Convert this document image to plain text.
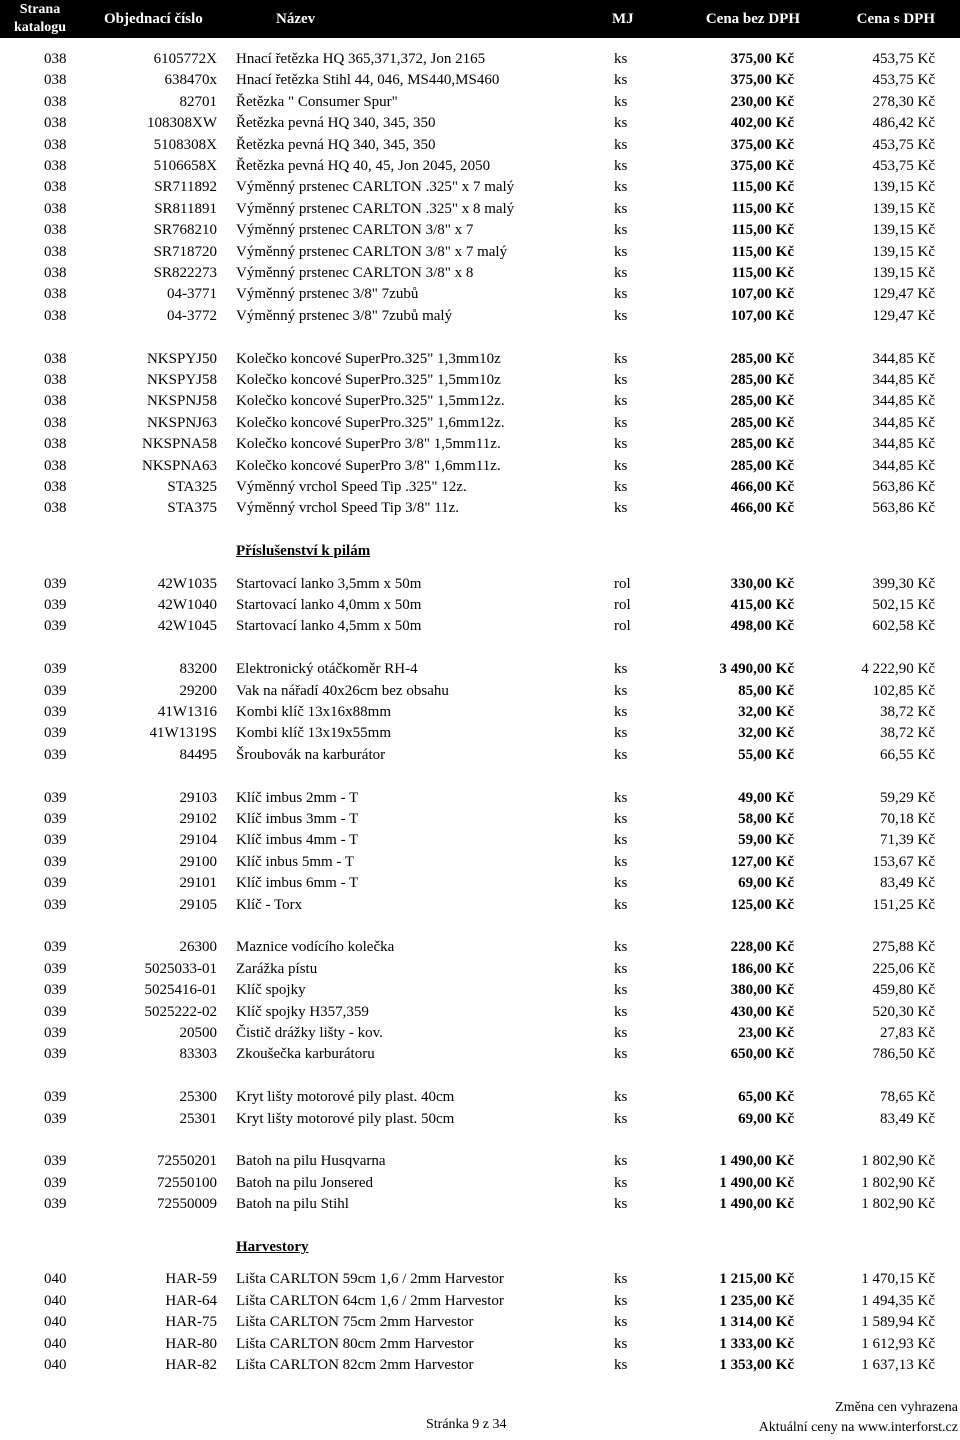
Strana
katalogu
Objednací číslo	Název	MJ	Cena bez DPH	Cena s DPH
038	6105772X Hnací řetězka HQ 365,371,372, Jon 2165	ks	375,00 Kč	453,75 Kč
038	638470x Hnací řetězka Stihl 44, 046, MS440,MS460	ks	375,00 Kč	453,75 Kč
038	82701 Řetězka " Consumer Spur"	ks	230,00 Kč	278,30 Kč
038	108308XW Řetězka pevná HQ 340, 345, 350	ks	402,00 Kč	486,42 Kč
038	5108308X Řetězka pevná HQ 340, 345, 350	ks	375,00 Kč	453,75 Kč
038	5106658X Řetězka pevná HQ 40, 45, Jon 2045, 2050	ks	375,00 Kč	453,75 Kč
038	SR711892 Výměnný prstenec CARLTON .325" x 7 malý	ks	115,00 Kč	139,15 Kč
038	SR811891 Výměnný prstenec CARLTON .325" x 8 malý	ks	115,00 Kč	139,15 Kč
038	SR768210 Výměnný prstenec CARLTON 3/8" x 7	ks	115,00 Kč	139,15 Kč
038	SR718720 Výměnný prstenec CARLTON 3/8" x 7 malý	ks	115,00 Kč	139,15 Kč
038	SR822273 Výměnný prstenec CARLTON 3/8" x 8	ks	115,00 Kč	139,15 Kč
038	04-3771 Výměnný prstenec 3/8" 7zubů	ks	107,00 Kč	129,47 Kč
038	04-3772 Výměnný prstenec 3/8" 7zubů malý	ks	107,00 Kč	129,47 Kč
038	NKSPYJ50 Kolečko koncové SuperPro.325" 1,3mm10z	ks	285,00 Kč	344,85 Kč
038	NKSPYJ58 Kolečko koncové SuperPro.325" 1,5mm10z	ks	285,00 Kč	344,85 Kč
038	NKSPNJ58 Kolečko koncové SuperPro.325" 1,5mm12z.	ks	285,00 Kč	344,85 Kč
038	NKSPNJ63 Kolečko koncové SuperPro.325" 1,6mm12z.	ks	285,00 Kč	344,85 Kč
038	NKSPNA58 Kolečko koncové SuperPro 3/8" 1,5mm11z.	ks	285,00 Kč	344,85 Kč
038	NKSPNA63 Kolečko koncové SuperPro 3/8" 1,6mm11z.	ks	285,00 Kč	344,85 Kč
038	STA325 Výměnný vrchol Speed Tip .325" 12z.	ks	466,00 Kč	563,86 Kč
038	STA375 Výměnný vrchol Speed Tip 3/8" 11z.	ks	466,00 Kč	563,86 Kč
Příslušenství k pilám
039	42W1035 Startovací lanko 3,5mm x 50m	rol	330,00 Kč	399,30 Kč
039	42W1040 Startovací lanko 4,0mm x 50m	rol	415,00 Kč	502,15 Kč
039	42W1045 Startovací lanko 4,5mm x 50m	rol	498,00 Kč	602,58 Kč
039	83200 Elektronický otáčkoměr RH-4	ks	3 490,00 Kč	4 222,90 Kč
039	29200 Vak na nářadí 40x26cm bez obsahu	ks	85,00 Kč	102,85 Kč
039	41W1316 Kombi klíč 13x16x88mm	ks	32,00 Kč	38,72 Kč
039	41W1319S Kombi klíč 13x19x55mm	ks	32,00 Kč	38,72 Kč
039	84495 Šroubovák na karburátor	ks	55,00 Kč	66,55 Kč
039	29103 Klíč imbus 2mm - T	ks	49,00 Kč	59,29 Kč
039	29102 Klíč imbus 3mm - T	ks	58,00 Kč	70,18 Kč
039	29104 Klíč imbus 4mm - T	ks	59,00 Kč	71,39 Kč
039	29100 Klíč inbus 5mm - T	ks	127,00 Kč	153,67 Kč
039	29101 Klíč imbus 6mm - T	ks	69,00 Kč	83,49 Kč
039	29105 Klíč - Torx	ks	125,00 Kč	151,25 Kč
039	26300 Maznice vodícího kolečka	ks	228,00 Kč	275,88 Kč
039	5025033-01 Zarážka pístu	ks	186,00 Kč	225,06 Kč
039	5025416-01 Klíč spojky	ks	380,00 Kč	459,80 Kč
039	5025222-02 Klíč spojky H357,359	ks	430,00 Kč	520,30 Kč
039	20500 Čistič drážky lišty - kov.	ks	23,00 Kč	27,83 Kč
039	83303 Zkoušečka karburátoru	ks	650,00 Kč	786,50 Kč
039	25300 Kryt lišty motorové pily plast. 40cm	ks	65,00 Kč	78,65 Kč
039	25301 Kryt lišty motorové pily plast. 50cm	ks	69,00 Kč	83,49 Kč
039	72550201 Batoh na pilu Husqvarna	ks	1 490,00 Kč	1 802,90 Kč
039	72550100 Batoh na pilu Jonsered	ks	1 490,00 Kč	1 802,90 Kč
039	72550009 Batoh na pilu Stihl	ks	1 490,00 Kč	1 802,90 Kč
Harvestory
040	HAR-59 Lišta CARLTON 59cm 1,6 / 2mm Harvestor	ks	1 215,00 Kč	1 470,15 Kč
040	HAR-64 Lišta CARLTON 64cm 1,6 / 2mm Harvestor	ks	1 235,00 Kč	1 494,35 Kč
040	HAR-75 Lišta CARLTON 75cm 2mm Harvestor	ks	1 314,00 Kč	1 589,94 Kč
040	HAR-80 Lišta CARLTON 80cm 2mm Harvestor	ks	1 333,00 Kč	1 612,93 Kč
040	HAR-82 Lišta CARLTON 82cm 2mm Harvestor	ks	1 353,00 Kč	1 637,13 Kč
Stránka 9 z 34
Změna cen vyhrazena
Aktuální ceny na www.interforst.cz
